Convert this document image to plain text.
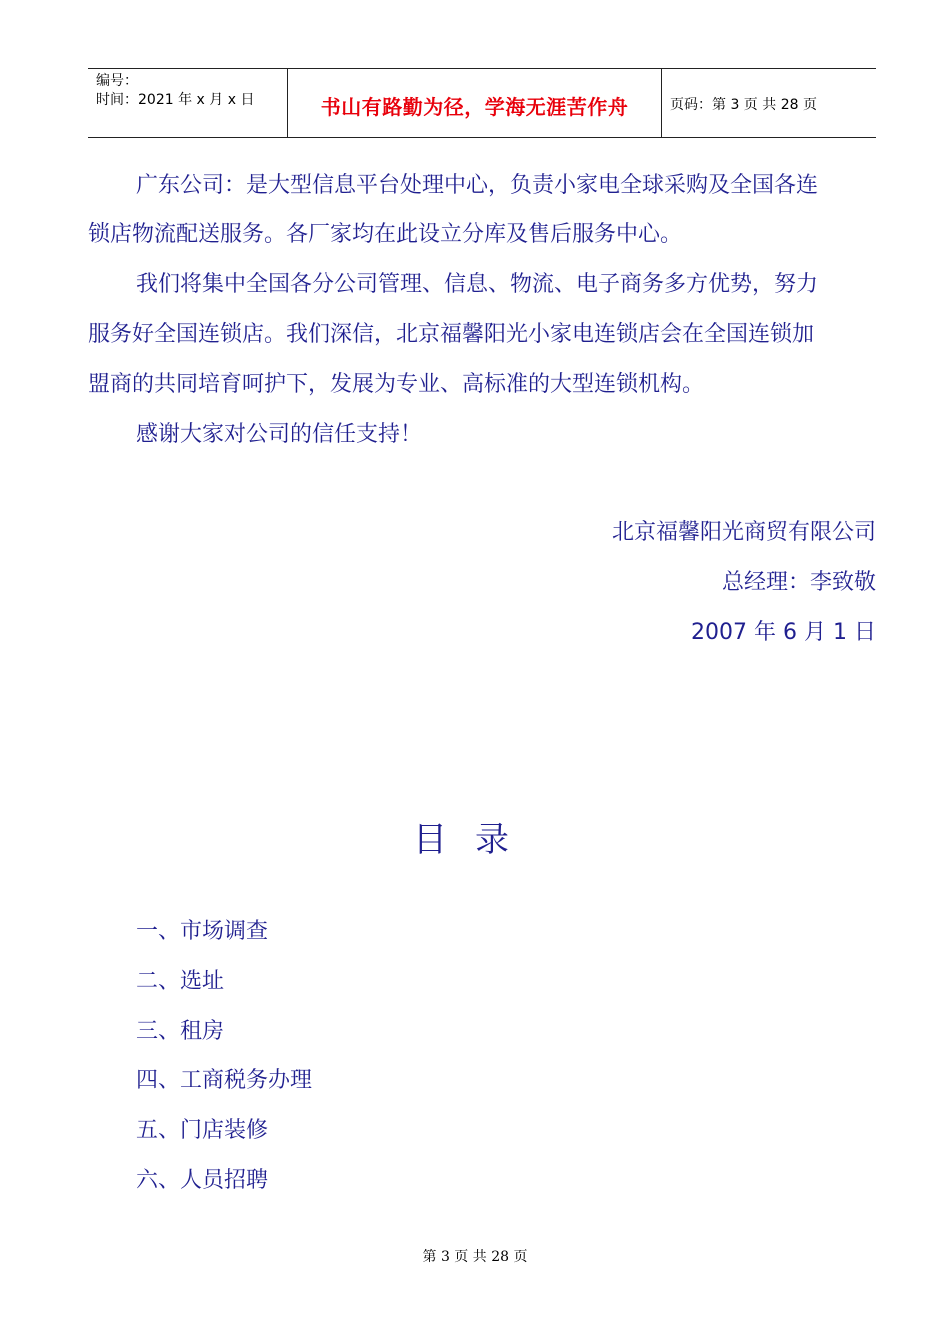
编号：
时间：2021 年 x 月 x 日	书山有路勤为径，学海无涯苦作舟	页码：第 3 页 共 28 页
广东公司：是大型信息平台处理中心，负责小家电全球采购及全国各连
锁店物流配送服务。各厂家均在此设立分库及售后服务中心。
我们将集中全国各分公司管理、信息、物流、电子商务多方优势，努力
服务好全国连锁店。我们深信，北京福馨阳光小家电连锁店会在全国连锁加
盟商的共同培育呵护下，发展为专业、高标准的大型连锁机构。
感谢大家对公司的信任支持！
北京福馨阳光商贸有限公司
总经理：李致敬
2007 年 6 月 1 日
目录
一、市场调查
二、选址
三、租房
四、工商税务办理
五、门店装修
六、人员招聘
第 3 页 共 28 页
